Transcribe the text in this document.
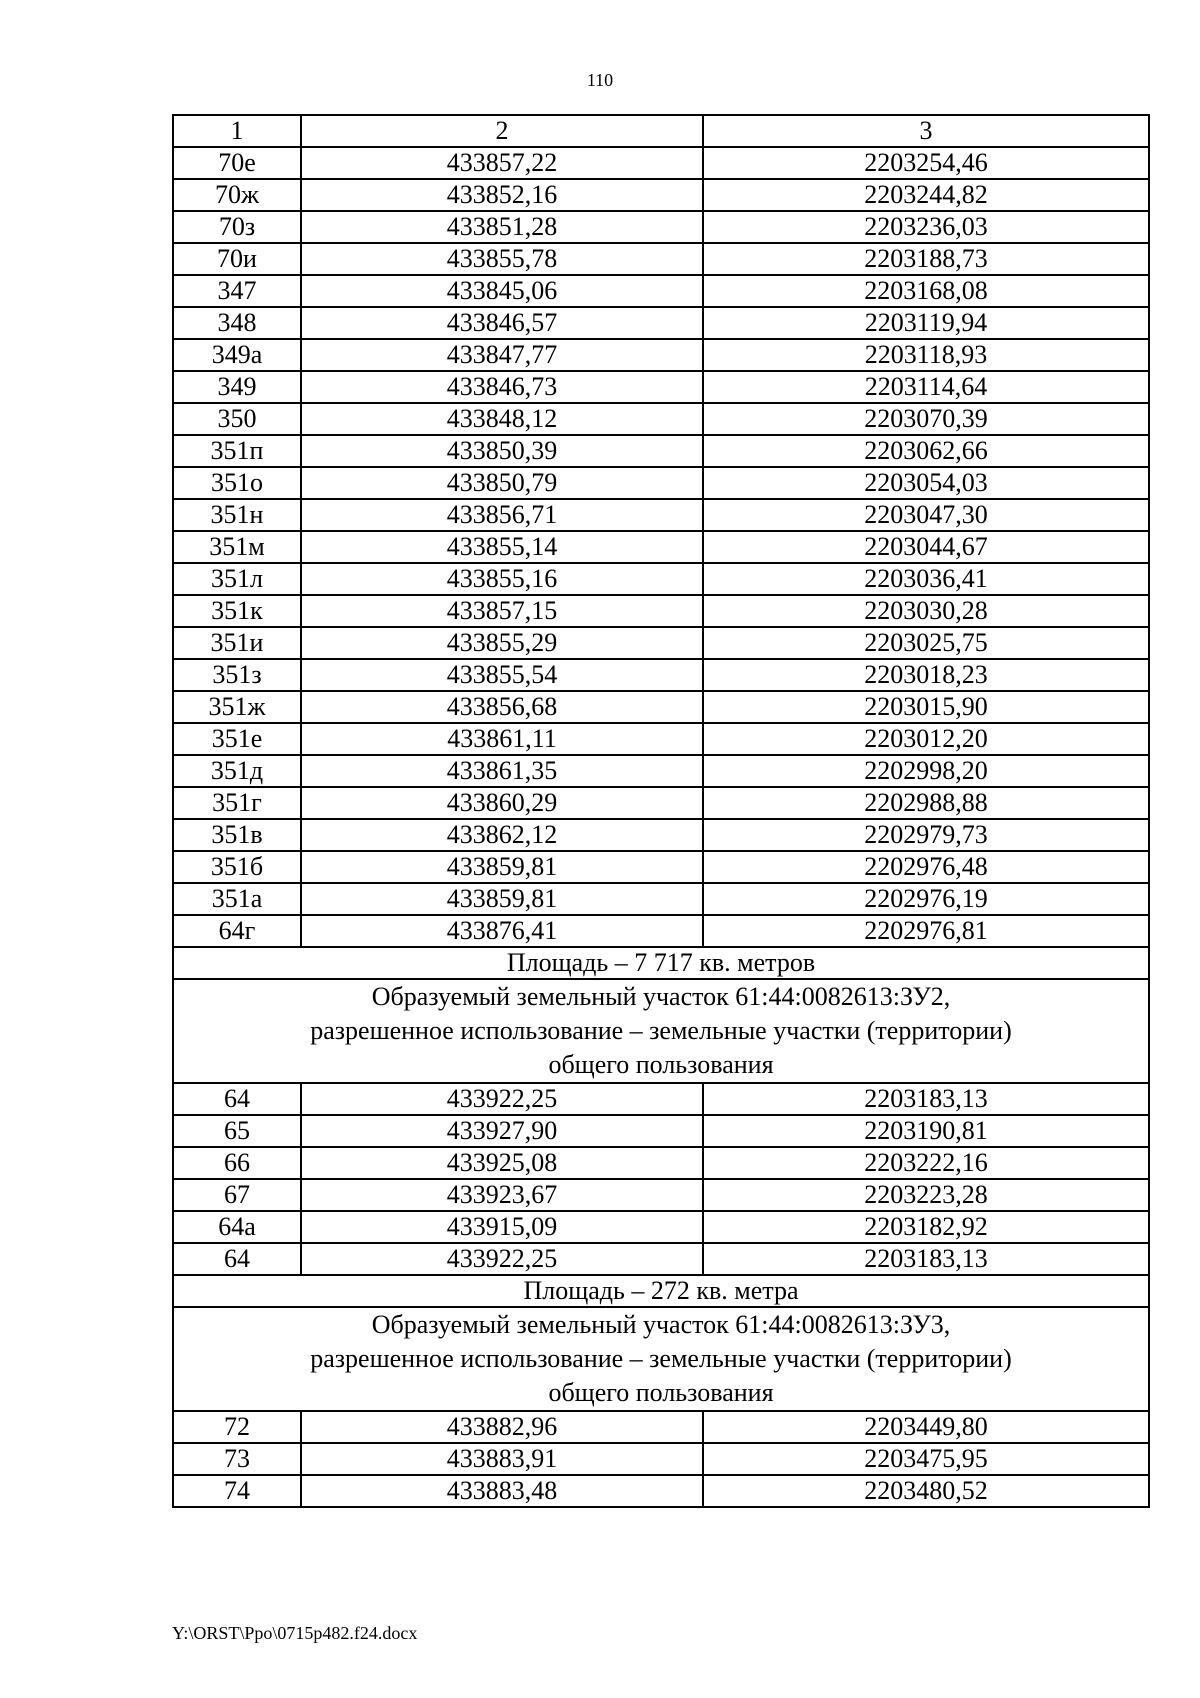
110
1	2	3
70е	433857,22	2203254,46
70ж	433852,16	2203244,82
70з	433851,28	2203236,03
70и	433855,78	2203188,73
347	433845,06	2203168,08
348	433846,57	2203119,94
349а	433847,77	2203118,93
349	433846,73	2203114,64
350	433848,12	2203070,39
351п	433850,39	2203062,66
351о	433850,79	2203054,03
351н	433856,71	2203047,30
351м	433855,14	2203044,67
351л	433855,16	2203036,41
351к	433857,15	2203030,28
351и	433855,29	2203025,75
351з	433855,54	2203018,23
351ж	433856,68	2203015,90
351е	433861,11	2203012,20
351д	433861,35	2202998,20
351г	433860,29	2202988,88
351в	433862,12	2202979,73
351б	433859,81	2202976,48
351а	433859,81	2202976,19
64г	433876,41	2202976,81
Площадь – 7 717 кв. метров		

Образуемый земельный участок 61:44:0082613:ЗУ2,
разрешенное использование – земельные участки (территории)
общего пользования		

64	433922,25	2203183,13
65	433927,90	2203190,81
66	433925,08	2203222,16
67	433923,67	2203223,28
64а	433915,09	2203182,92
64	433922,25	2203183,13
Площадь – 272 кв. метра		

Образуемый земельный участок 61:44:0082613:ЗУ3,
разрешенное использование – земельные участки (территории)
общего пользования		

72	433882,96	2203449,80
73	433883,91	2203475,95
74	433883,48	2203480,52
Y:\ORST\Ppo\0715p482.f24.docx
